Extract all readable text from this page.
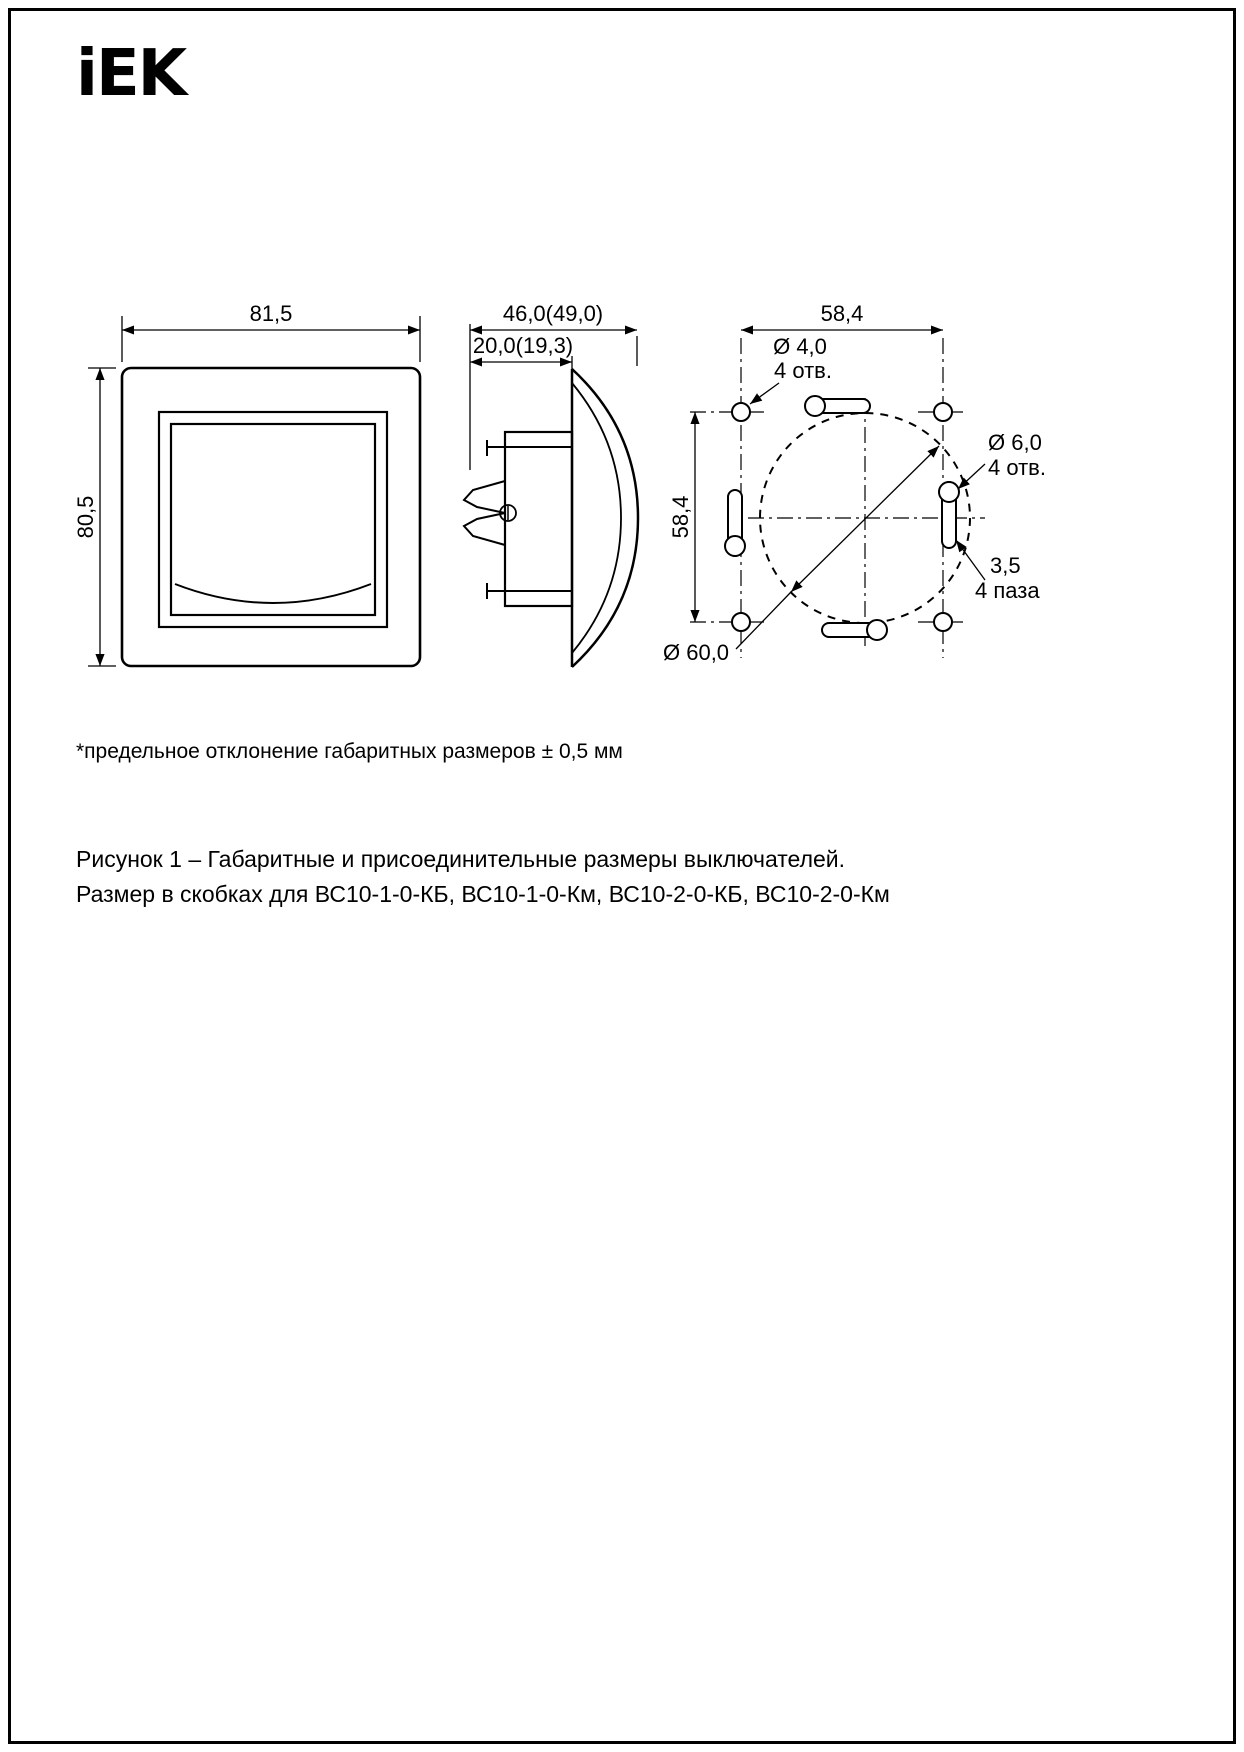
iEK
81,5
80,5
46,0(49,0)
20,0(19,3)
58,4
58,4
Ø 4,0
4 отв.
Ø 6,0
4 отв.
3,5
4 паза
Ø 60,0
*предельное отклонение габаритных размеров ± 0,5 мм
Рисунок 1 – Габаритные и присоединительные размеры выключателей.
Размер в скобках для ВС10-1-0-КБ, ВС10-1-0-Км, ВС10-2-0-КБ, ВС10-2-0-Км
